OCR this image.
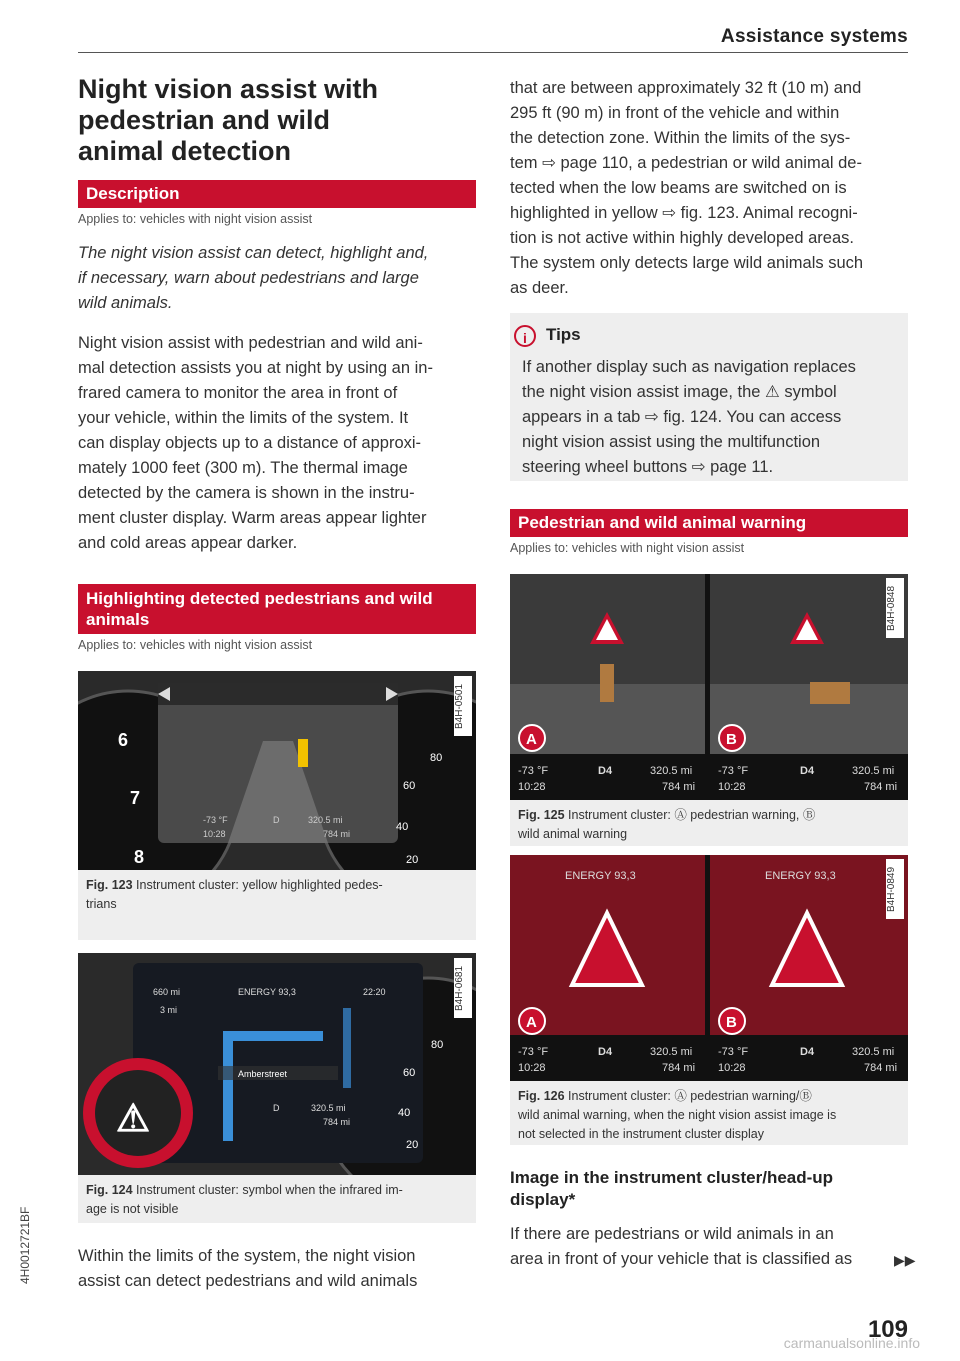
Assistance systems
Night vision assist with
pedestrian and wild
animal detection
Description
Applies to: vehicles with night vision assist
The night vision assist can detect, highlight and,
if necessary, warn about pedestrians and large
wild animals.
Night vision assist with pedestrian and wild ani-
mal detection assists you at night by using an in-
frared camera to monitor the area in front of
your vehicle, within the limits of the system. It
can display objects up to a distance of approxi-
mately 1000 feet (300 m). The thermal image
detected by the camera is shown in the instru-
ment cluster display. Warm areas appear lighter
and cold areas appear darker.
Highlighting detected pedestrians and wild
animals
Applies to: vehicles with night vision assist
6
7
8
80
60
40
20
-73 °F
10:28
D	320.5 mi
784 mi
B4H-0501
Fig. 123 Instrument cluster: yellow highlighted pedes-
trians
⚠
660 mi
3 mi
ENERGY 93,3	22:20
Amberstreet
D	320.5 mi
784 mi
80
60
40
20
B4H-0681
Fig. 124 Instrument cluster: symbol when the infrared im-
age is not visible
Within the limits of the system, the night vision
assist can detect pedestrians and wild animals
that are between approximately 32 ft (10 m) and
295 ft (90 m) in front of the vehicle and within
the detection zone. Within the limits of the sys-
tem ⇨ page 110, a pedestrian or wild animal de-
tected when the low beams are switched on is
highlighted in yellow ⇨ fig. 123. Animal recogni-
tion is not active within highly developed areas.
The system only detects large wild animals such
as deer.
i	Tips
If another display such as navigation replaces
the night vision assist image, the ⚠ symbol
appears in a tab ⇨ fig. 124. You can access
night vision assist using the multifunction
steering wheel buttons ⇨ page 11.
Pedestrian and wild animal warning
Applies to: vehicles with night vision assist
A	B
-73 °F
10:28
D4	320.5 mi
784 mi
-73 °F
10:28
D4	320.5 mi
784 mi
B4H-0848
Fig. 125 Instrument cluster: Ⓐ pedestrian warning, Ⓑ
wild animal warning
ENERGY 93,3	ENERGY 93,3
A	B
-73 °F
10:28
D4	320.5 mi
784 mi
-73 °F
10:28
D4	320.5 mi
784 mi
B4H-0849
Fig. 126 Instrument cluster: Ⓐ pedestrian warning/Ⓑ
wild animal warning, when the night vision assist image is
not selected in the instrument cluster display
Image in the instrument cluster/head-up
display*
If there are pedestrians or wild animals in an
area in front of your vehicle that is classified as	▶▶
4H0012721BF
109
carmanualsonline.info
